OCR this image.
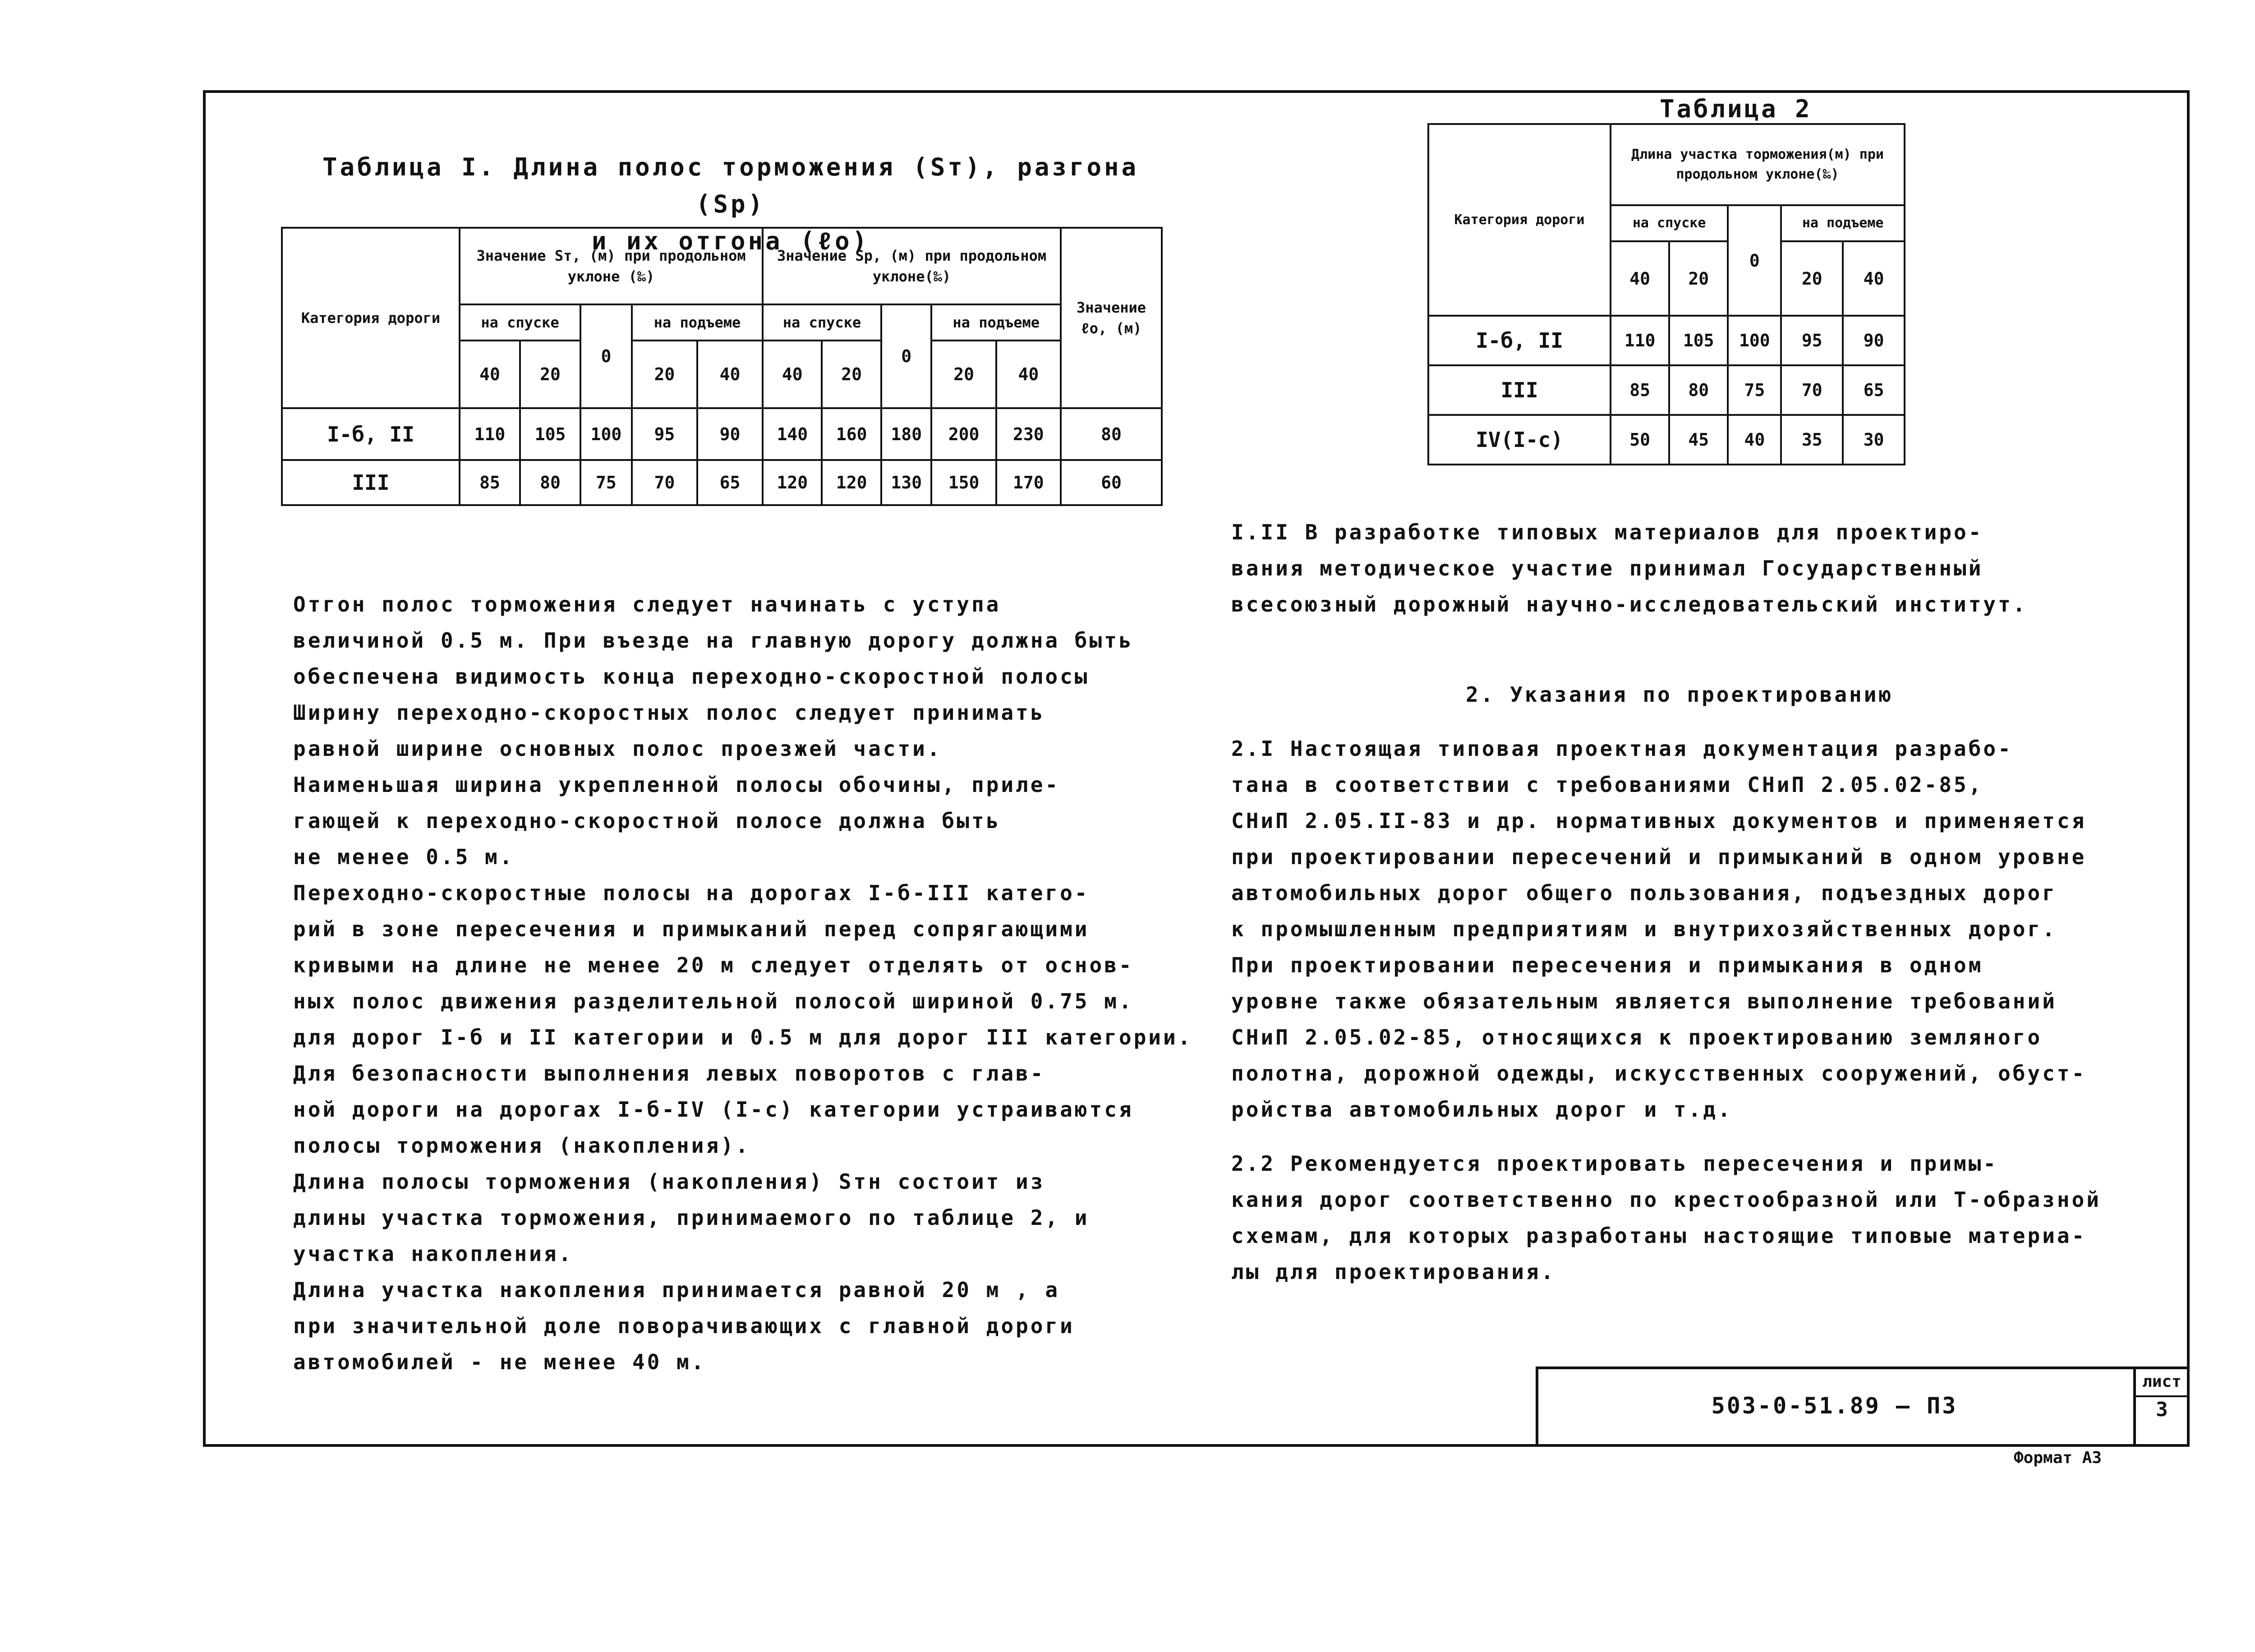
Таблица I. Длина полос торможения (Sт), разгона (Sр)
и их отгона (ℓо)
Категория дороги	Значение Sт, (м) при продольном уклоне (‰)					Значение Sр, (м) при продольном уклоне(‰)					Значение ℓо, (м)
	на спуске		0	на подъеме		на спуске		0	на подъеме		
	40	20		20	40	40	20		20	40	
I-б, II	110	105	100	95	90	140	160	180	200	230	80
III	85	80	75	70	65	120	120	130	150	170	60
Таблица 2
Категория дороги	Длина участка торможения(м) при продольном уклоне(‰)				
	на спуске		0	на подъеме	
	40	20		20	40
I-б, II	110	105	100	95	90
III	85	80	75	70	65
IV(I-с)	50	45	40	35	30

Отгон полос торможения следует начинать с уступа

величиной 0.5 м. При въезде на главную дорогу должна быть

обеспечена видимость конца переходно-скоростной полосы

Ширину переходно-скоростных полос следует принимать

равной ширине основных полос проезжей части.

Наименьшая ширина укрепленной полосы обочины, приле-

гающей к переходно-скоростной полосе должна быть

не менее 0.5 м.

Переходно-скоростные полосы на дорогах I-б-III катего-

рий в зоне пересечения и примыканий перед сопрягающими

кривыми на длине не менее 20 м следует отделять от основ-

ных полос движения разделительной полосой шириной 0.75 м.

для дорог I-б и II категории и 0.5 м для дорог III категории.

Для безопасности выполнения левых поворотов с глав-

ной дороги на дорогах I-б-IV (I-с) категории устраиваются

полосы торможения (накопления).

Длина полосы торможения (накопления) Sтн состоит из

длины участка торможения, принимаемого по таблице 2, и

участка накопления.

Длина участка накопления принимается равной 20 м , а

при значительной доле поворачивающих с главной дороги

автомобилей - не менее 40 м.

I.II В разработке типовых материалов для проектиро-

вания методическое участие принимал Государственный

всесоюзный дорожный научно-исследовательский институт.

2. Указания по проектированию

2.I Настоящая типовая проектная документация разрабо-

тана в соответствии с требованиями СНиП 2.05.02-85,

СНиП 2.05.II-83 и др. нормативных документов и применяется

при проектировании пересечений и примыканий в одном уровне

автомобильных дорог общего пользования, подъездных дорог

к промышленным предприятиям и внутрихозяйственных дорог.

При проектировании пересечения и примыкания в одном

уровне также обязательным является выполнение требований

СНиП 2.05.02-85, относящихся к проектированию земляного

полотна, дорожной одежды, искусственных сооружений, обуст-

ройства автомобильных дорог и т.д.

2.2 Рекомендуется проектировать пересечения и примы-

кания дорог соответственно по крестообразной или Т-образной

схемам, для которых разработаны настоящие типовые материа-

лы для проектирования.

503-0-51.89 – ПЗ
лист
3
Формат А3
